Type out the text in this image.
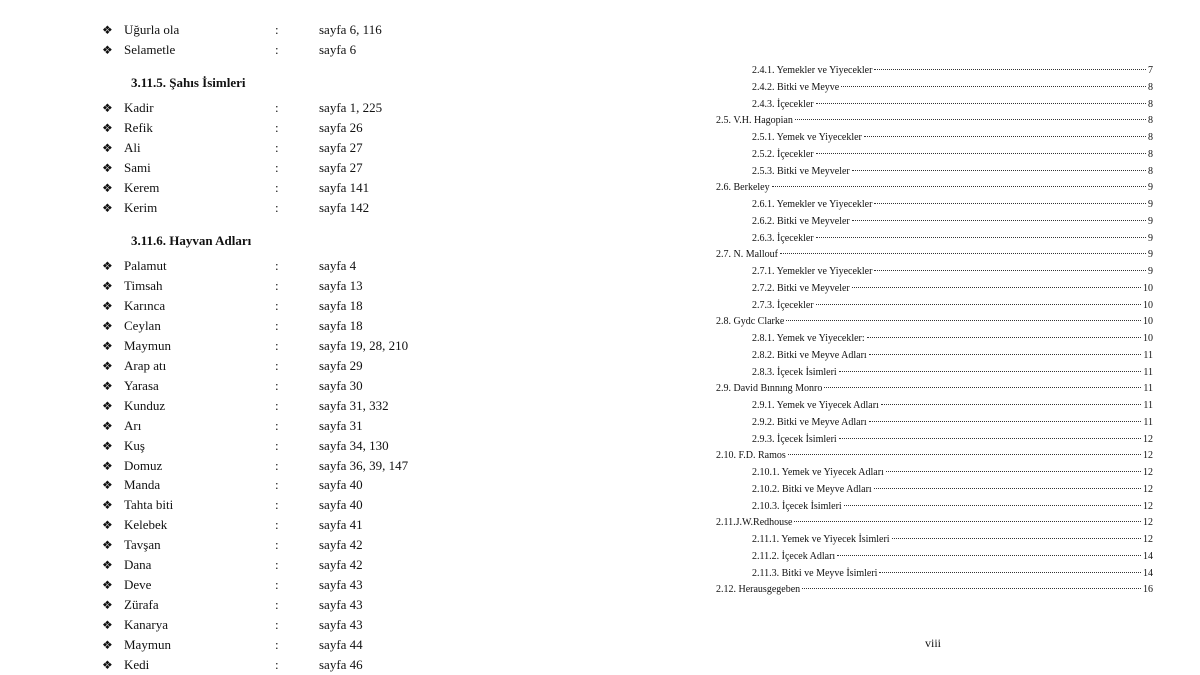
❖ Uğurla ola	:	sayfa 6, 116
❖ Selametle	:	sayfa 6
3.11.5. Şahıs İsimleri
❖ Kadir	:	sayfa 1, 225
❖ Refik	:	sayfa 26
❖ Ali	:	sayfa 27
❖ Sami	:	sayfa 27
❖ Kerem	:	sayfa 141
❖ Kerim	:	sayfa 142
3.11.6. Hayvan Adları
❖ Palamut	:	sayfa 4
❖ Timsah	:	sayfa 13
❖ Karınca	:	sayfa 18
❖ Ceylan	:	sayfa 18
❖ Maymun	:	sayfa 19, 28, 210
❖ Arap atı	:	sayfa 29
❖ Yarasa	:	sayfa 30
❖ Kunduz	:	sayfa 31, 332
❖ Arı	:	sayfa 31
❖ Kuş	:	sayfa 34, 130
❖ Domuz	:	sayfa 36, 39, 147
❖ Manda	:	sayfa 40
❖ Tahta biti	:	sayfa 40
❖ Kelebek	:	sayfa 41
❖ Tavşan	:	sayfa 42
❖ Dana	:	sayfa 42
❖ Deve	:	sayfa 43
❖ Zürafa	:	sayfa 43
❖ Kanarya	:	sayfa 43
❖ Maymun	:	sayfa 44
❖ Kedi	:	sayfa 46
viii
2.4.1. Yemekler ve Yiyecekler	7
2.4.2. Bitki ve Meyve	8
2.4.3. İçecekler	8
2.5. V.H. Hagopian	8
2.5.1. Yemek ve Yiyecekler	8
2.5.2. İçecekler	8
2.5.3. Bitki ve Meyveler	8
2.6. Berkeley	9
2.6.1. Yemekler ve Yiyecekler	9
2.6.2. Bitki ve Meyveler	9
2.6.3. İçecekler	9
2.7. N. Mallouf	9
2.7.1. Yemekler ve Yiyecekler	9
2.7.2. Bitki ve Meyveler	10
2.7.3. İçecekler	10
2.8. Gydc Clarke	10
2.8.1. Yemek ve Yiyecekler:	10
2.8.2. Bitki ve Meyve Adları	11
2.8.3. İçecek İsimleri	11
2.9. David Bınnıng Monro	11
2.9.1. Yemek ve Yiyecek Adları	11
2.9.2. Bitki ve Meyve Adları	11
2.9.3. İçecek İsimleri	12
2.10. F.D. Ramos	12
2.10.1. Yemek ve Yiyecek Adları	12
2.10.2. Bitki ve Meyve Adları	12
2.10.3. İçecek İsimleri	12
2.11.J.W.Redhouse	12
2.11.1. Yemek ve Yiyecek İsimleri	12
2.11.2. İçecek Adları	14
2.11.3. Bitki ve Meyve İsimleri	14
2.12. Herausgegeben	16
